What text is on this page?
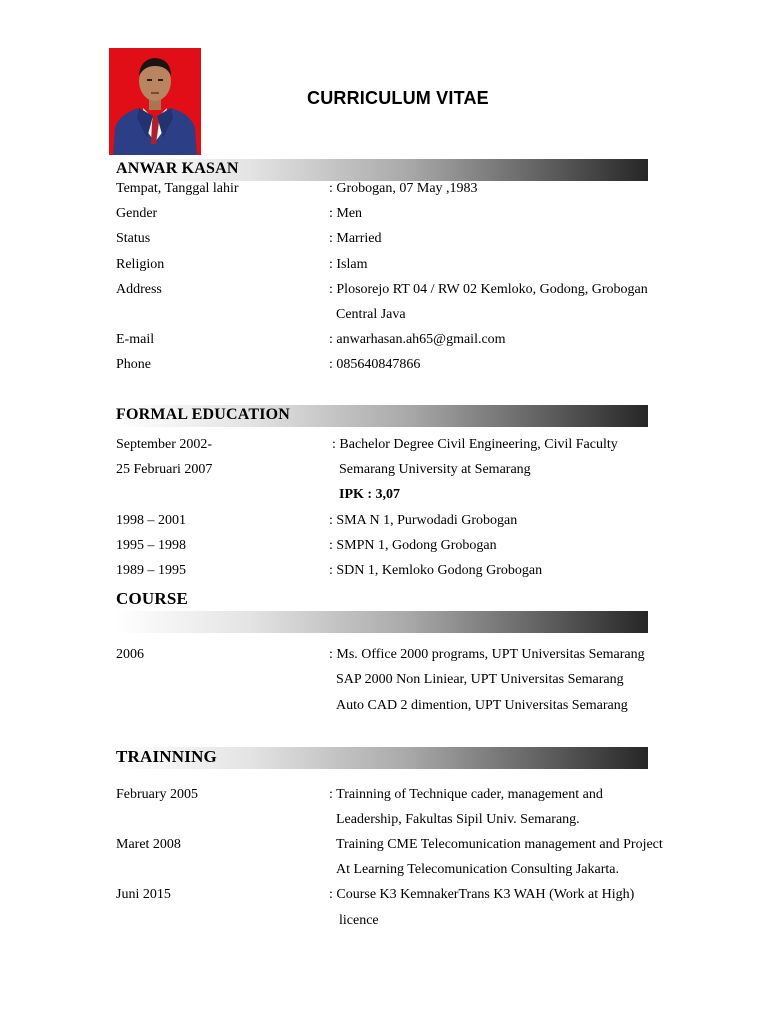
CURRICULUM VITAE
ANWAR KASAN
Tempat, Tanggal lahir	: Grobogan, 07 May ,1983
Gender	: Men
Status	: Married
Religion	: Islam
Address	: Plosorejo RT 04 / RW 02 Kemloko, Godong, Grobogan
Central Java
E-mail	: anwarhasan.ah65@gmail.com
Phone	: 085640847866
FORMAL EDUCATION
September 2002-	: Bachelor Degree Civil Engineering, Civil Faculty
25 Februari 2007	Semarang University at Semarang
IPK : 3,07
1998 – 2001	: SMA N 1, Purwodadi Grobogan
1995 – 1998	: SMPN 1, Godong Grobogan
1989 – 1995	: SDN 1, Kemloko Godong Grobogan
COURSE
2006	: Ms. Office 2000 programs, UPT Universitas Semarang
SAP 2000 Non Liniear, UPT Universitas Semarang
Auto CAD 2 dimention, UPT Universitas Semarang
TRAINNING
February 2005	: Trainning of Technique cader, management and
Leadership, Fakultas Sipil Univ. Semarang.
Maret 2008	Training CME Telecomunication management and Project
At Learning Telecomunication Consulting Jakarta.
Juni 2015	: Course K3 KemnakerTrans K3 WAH (Work at High)
licence
